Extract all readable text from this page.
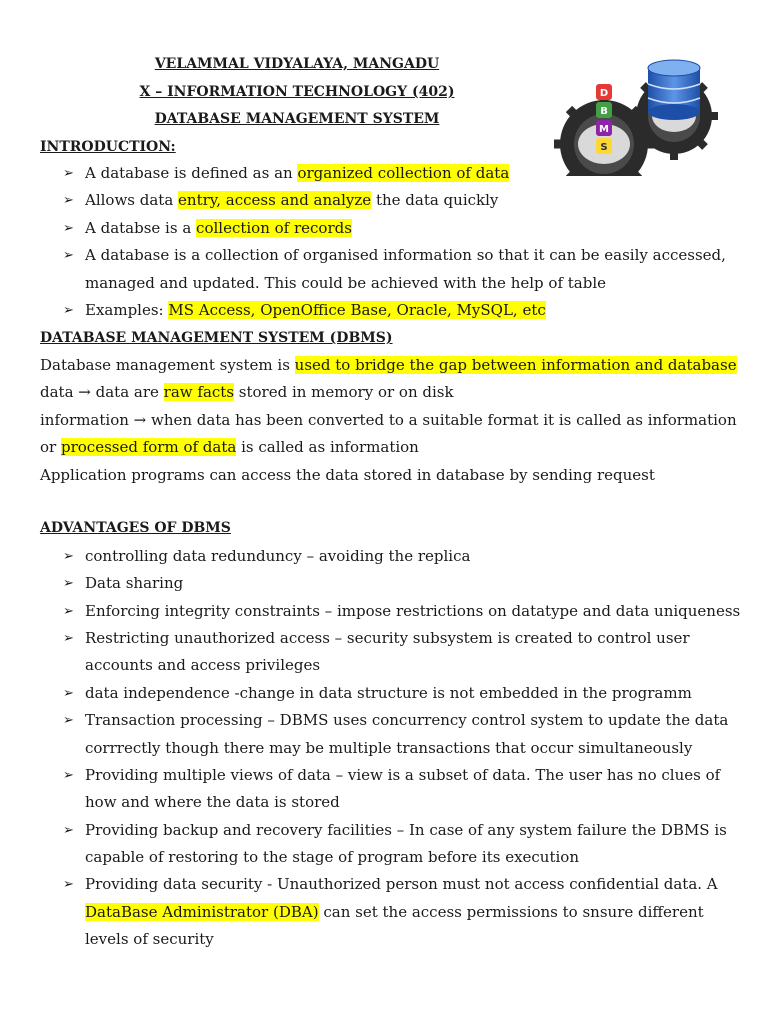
VELAMMAL VIDYALAYA, MANGADU
X – INFORMATION TECHNOLOGY (402)
DATABASE MANAGEMENT SYSTEM
D
B
M
S
INTRODUCTION:
➢ A database is defined as an organized collection of data
➢ Allows data entry, access and analyze the data quickly
➢ A databse is a collection of records
➢ A database is a collection of organised information so that it can be easily accessed,
managed and updated. This could be achieved with the help of table
➢ Examples: MS Access, OpenOffice Base, Oracle, MySQL, etc
DATABASE MANAGEMENT SYSTEM (DBMS)
Database management system is used to bridge the gap between information and database
data → data are raw facts stored in memory or on disk
information → when data has been converted to a suitable format it is called as information
or processed form of data is called as information
Application programs can access the data stored in database by sending request
ADVANTAGES OF DBMS
➢ controlling data redunduncy – avoiding the replica
➢ Data sharing
➢ Enforcing integrity constraints – impose restrictions on datatype and data uniqueness
➢ Restricting unauthorized access – security subsystem is created to control user
accounts and access privileges
➢ data independence -change in data structure is not embedded in the programm
➢ Transaction processing – DBMS uses concurrency control system to update the data
corrrectly though there may be multiple transactions that occur simultaneously
➢ Providing multiple views of data – view is a subset of data. The user has no clues of
how and where the data is stored
➢ Providing backup and recovery facilities – In case of any system failure the DBMS is
capable of restoring to the stage of program before its execution
➢ Providing data security - Unauthorized person must not access confidential data. A
DataBase Administrator (DBA) can set the access permissions to snsure different
levels of security
